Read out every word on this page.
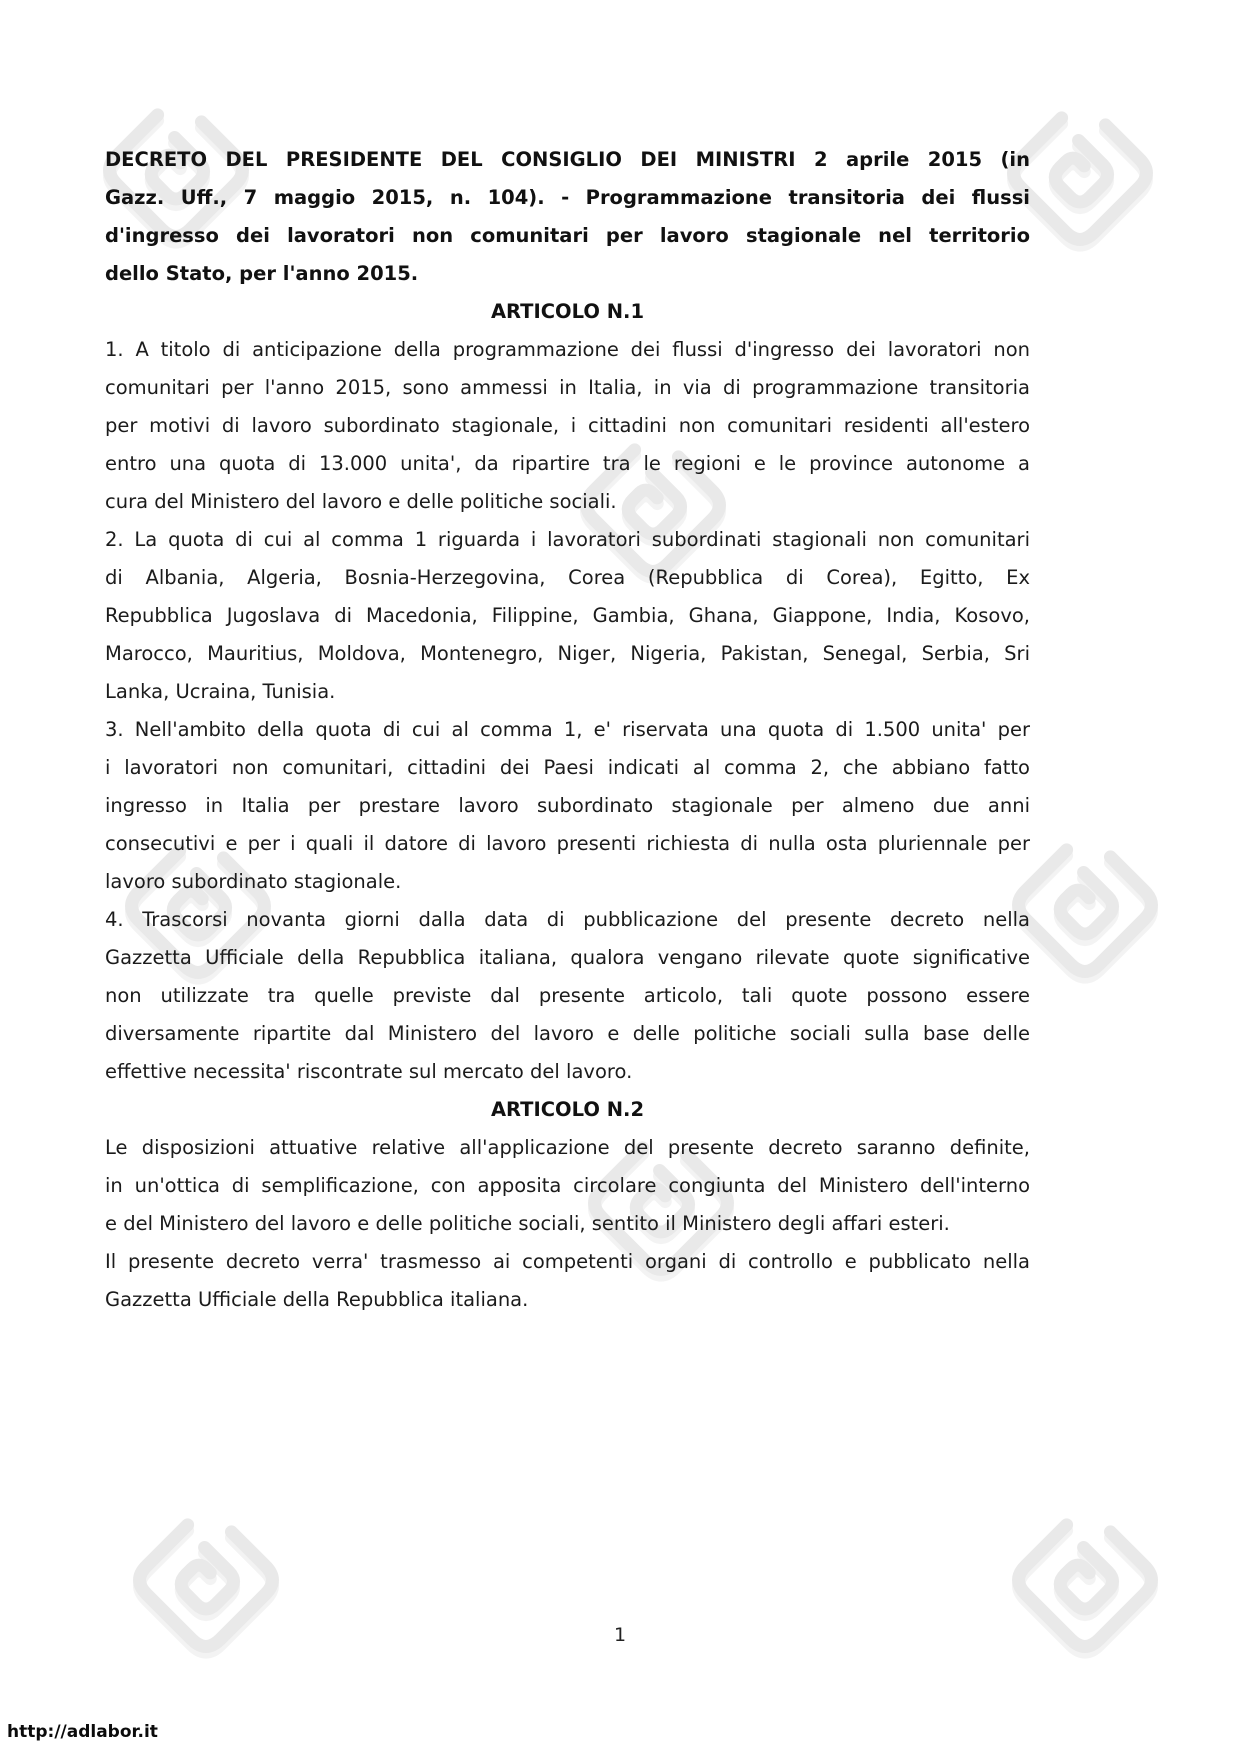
DECRETO DEL PRESIDENTE DEL CONSIGLIO DEI MINISTRI 2 aprile 2015 (in
Gazz. Uff., 7 maggio 2015, n. 104). - Programmazione transitoria dei flussi
d'ingresso dei lavoratori non comunitari per lavoro stagionale nel territorio
dello Stato, per l'anno 2015.
ARTICOLO N.1
1. A titolo di anticipazione della programmazione dei flussi d'ingresso dei lavoratori non
comunitari per l'anno 2015, sono ammessi in Italia, in via di programmazione transitoria
per motivi di lavoro subordinato stagionale, i cittadini non comunitari residenti all'estero
entro una quota di 13.000 unita', da ripartire tra le regioni e le province autonome a
cura del Ministero del lavoro e delle politiche sociali.
2. La quota di cui al comma 1 riguarda i lavoratori subordinati stagionali non comunitari
di Albania, Algeria, Bosnia-Herzegovina, Corea (Repubblica di Corea), Egitto, Ex
Repubblica Jugoslava di Macedonia, Filippine, Gambia, Ghana, Giappone, India, Kosovo,
Marocco, Mauritius, Moldova, Montenegro, Niger, Nigeria, Pakistan, Senegal, Serbia, Sri
Lanka, Ucraina, Tunisia.
3. Nell'ambito della quota di cui al comma 1, e' riservata una quota di 1.500 unita' per
i lavoratori non comunitari, cittadini dei Paesi indicati al comma 2, che abbiano fatto
ingresso in Italia per prestare lavoro subordinato stagionale per almeno due anni
consecutivi e per i quali il datore di lavoro presenti richiesta di nulla osta pluriennale per
lavoro subordinato stagionale.
4. Trascorsi novanta giorni dalla data di pubblicazione del presente decreto nella
Gazzetta Ufficiale della Repubblica italiana, qualora vengano rilevate quote significative
non utilizzate tra quelle previste dal presente articolo, tali quote possono essere
diversamente ripartite dal Ministero del lavoro e delle politiche sociali sulla base delle
effettive necessita' riscontrate sul mercato del lavoro.
ARTICOLO N.2
Le disposizioni attuative relative all'applicazione del presente decreto saranno definite,
in un'ottica di semplificazione, con apposita circolare congiunta del Ministero dell'interno
e del Ministero del lavoro e delle politiche sociali, sentito il Ministero degli affari esteri.
Il presente decreto verra' trasmesso ai competenti organi di controllo e pubblicato nella
Gazzetta Ufficiale della Repubblica italiana.
1
http://adlabor.it
